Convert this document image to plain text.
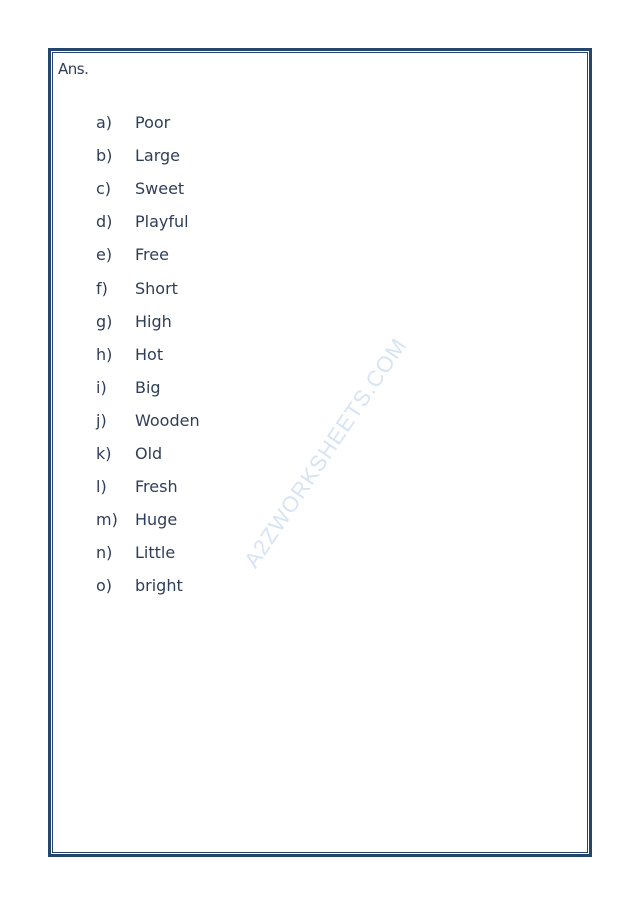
Ans.
a)	Poor
b)	Large
c)	Sweet
d)	Playful
e)	Free
f)	Short
g)	High
h)	Hot
i)	Big
j)	Wooden
k)	Old
l)	Fresh
m)	Huge
n)	Little
o)	bright
A2ZWORKSHEETS.COM
